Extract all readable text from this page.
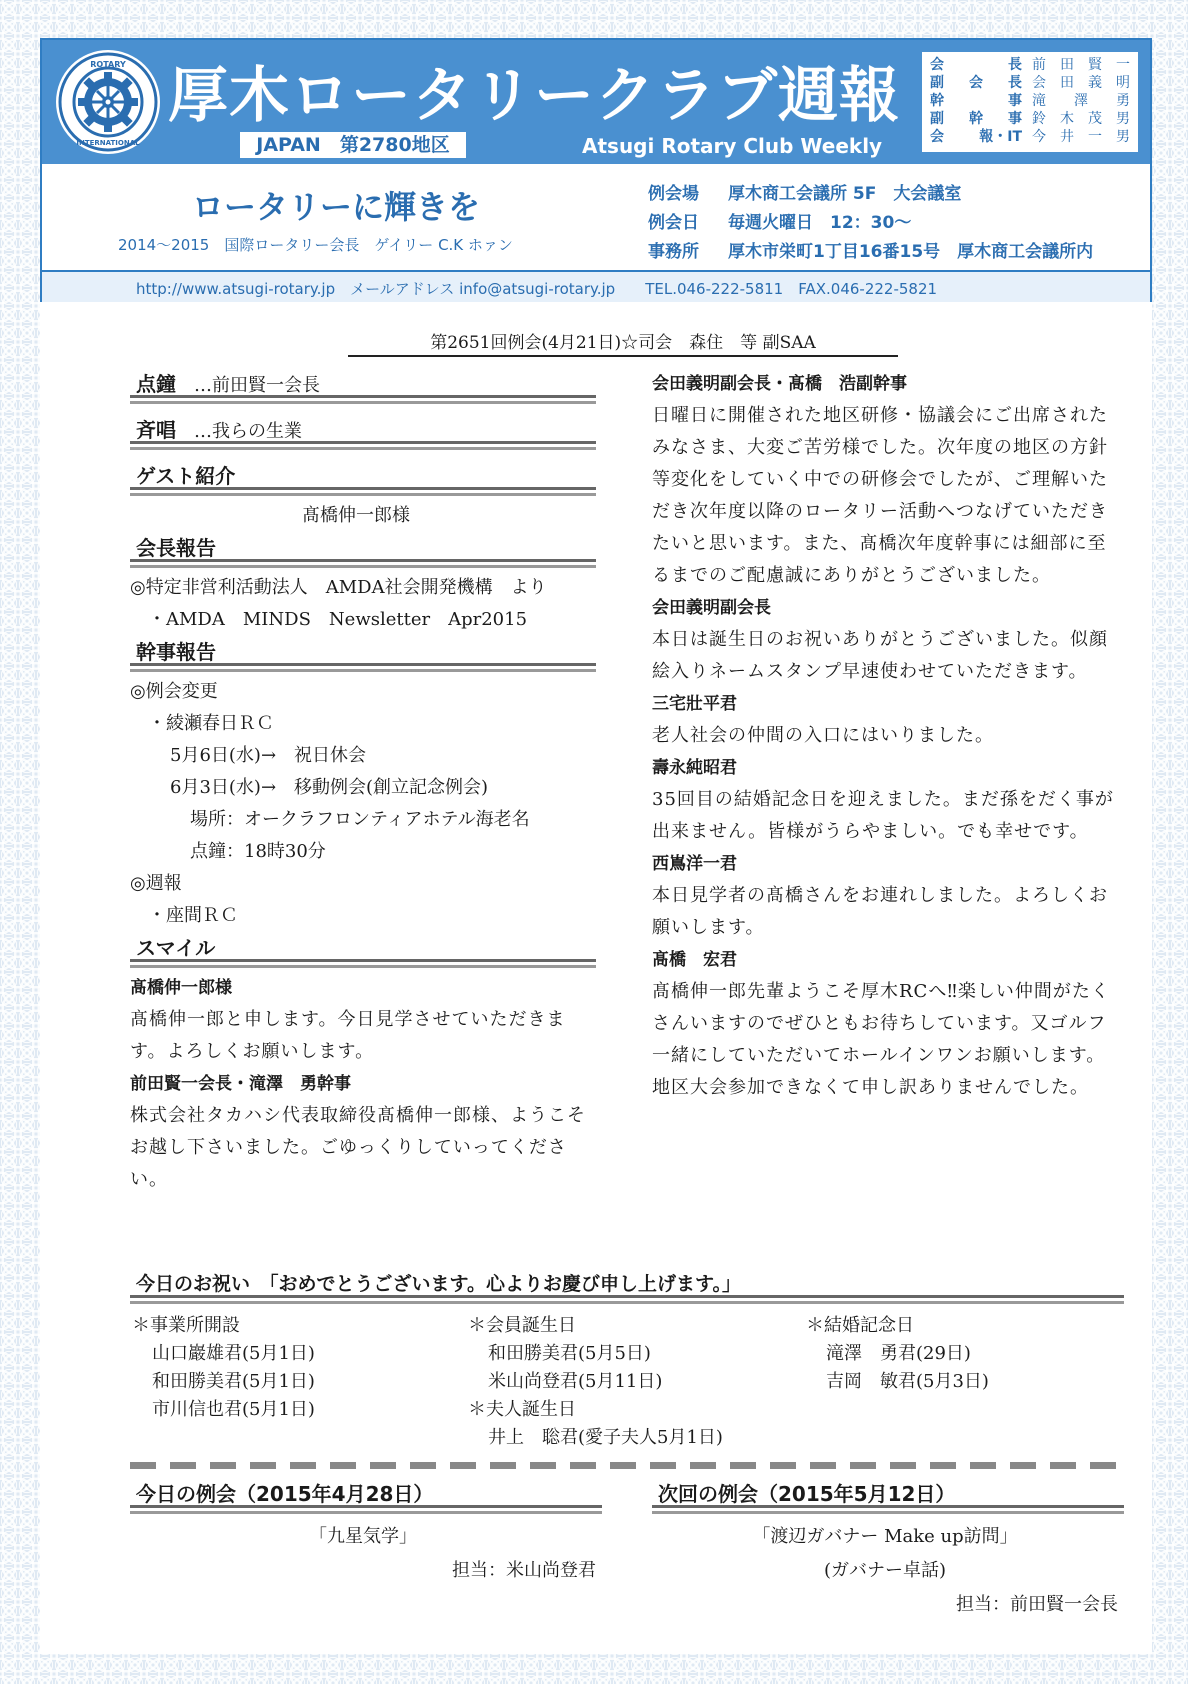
ROTARY
INTERNATIONAL
厚木ロータリークラブ週報
JAPAN　第2780地区	Atsugi Rotary Club Weekly
会	長 前 田 賢 一
副 会 長 会 田 義 明
幹	事 滝 澤 勇
副 幹 事 鈴 木 茂 男
会	報・IT 今 井 一 男
ロータリーに輝きを
2014～2015　国際ロータリー会長　ゲイリー C.K ホァン
例会場	厚木商工会議所 5F　大会議室
例会日	毎週火曜日　12：30～
事務所	厚木市栄町1丁目16番15号　厚木商工会議所内
http://www.atsugi-rotary.jp　メールアドレス info@atsugi-rotary.jp　　TEL.046-222-5811　FAX.046-222-5821
第2651回例会(4月21日)☆司会　森住　等 副SAA
点鐘 …前田賢一会長
斉唱 …我らの生業
ゲスト紹介
髙橋伸一郎様
会長報告
◎特定非営利活動法人　AMDA社会開発機構　より
・AMDA　MINDS　Newsletter　Apr2015
幹事報告
◎例会変更
・綾瀬春日ＲＣ
5月6日(水)→　祝日休会
6月3日(水)→　移動例会(創立記念例会)
場所：オークラフロンティアホテル海老名
点鐘：18時30分
◎週報
・座間ＲＣ
スマイル
髙橋伸一郎様
髙橋伸一郎と申します。今日見学させていただきます。よろしくお願いします。
前田賢一会長・滝澤　勇幹事
株式会社タカハシ代表取締役髙橋伸一郎様、ようこそお越し下さいました。ごゆっくりしていってください。
会田義明副会長・髙橋　浩副幹事
日曜日に開催された地区研修・協議会にご出席されたみなさま、大変ご苦労様でした。次年度の地区の方針等変化をしていく中での研修会でしたが、ご理解いただき次年度以降のロータリー活動へつなげていただきたいと思います。また、髙橋次年度幹事には細部に至るまでのご配慮誠にありがとうございました。
会田義明副会長
本日は誕生日のお祝いありがとうございました。似顔絵入りネームスタンプ早速使わせていただきます。
三宅壯平君
老人社会の仲間の入口にはいりました。
壽永純昭君
35回目の結婚記念日を迎えました。まだ孫をだく事が出来ません。皆様がうらやましい。でも幸せです。
西嶌洋一君
本日見学者の髙橋さんをお連れしました。よろしくお願いします。
髙橋　宏君
髙橋伸一郎先輩ようこそ厚木RCへ‼楽しい仲間がたくさんいますのでぜひともお待ちしています。又ゴルフ一緒にしていただいてホールインワンお願いします。地区大会参加できなくて申し訳ありませんでした。
今日のお祝い　「おめでとうございます。心よりお慶び申し上げます。」
＊事業所開設
山口巖雄君(5月1日)
和田勝美君(5月1日)
市川信也君(5月1日)
＊会員誕生日
和田勝美君(5月5日)
米山尚登君(5月11日)
＊夫人誕生日
井上　聡君(愛子夫人5月1日)
＊結婚記念日
滝澤　勇君(29日)
吉岡　敏君(5月3日)
今日の例会（2015年4月28日）
「九星気学」
担当：米山尚登君
次回の例会（2015年5月12日）
「渡辺ガバナー Make up訪問」
(ガバナー卓話)
担当：前田賢一会長
